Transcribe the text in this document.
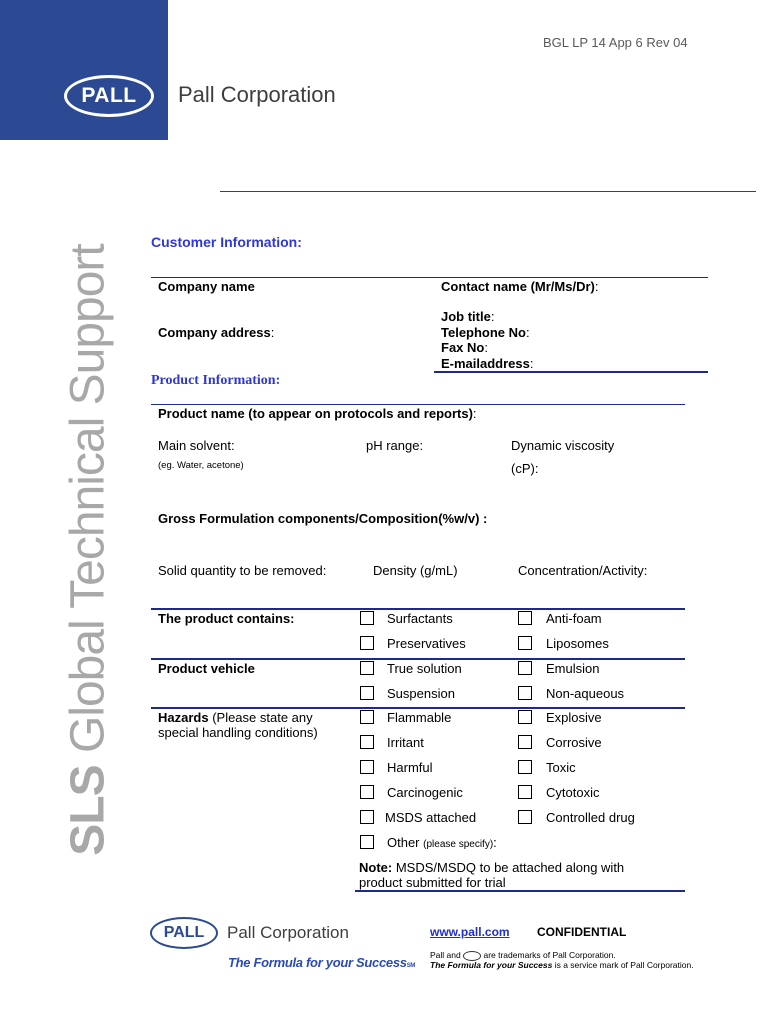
PALL Pall Corporation
BGL LP 14 App 6 Rev 04
SLS Global Technical Support
Customer Information:
Company name	Contact name (Mr/Ms/Dr):
Company address:
Job title:
Telephone No:
Fax No:
E-mailaddress:
Product Information:
Product name (to appear on protocols and reports):
Main solvent:
(eg. Water, acetone)
pH range:	Dynamic viscosity
(cP):
Gross Formulation components/Composition(%w/v) :
Solid quantity to be removed:	Density (g/mL)	Concentration/Activity:
The product contains:	Surfactants	Anti-foam
Preservatives	Liposomes
Product vehicle	True solution	Emulsion
Suspension	Non-aqueous
Hazards (Please state any
special handling conditions)
Flammable	Explosive
Irritant	Corrosive
Harmful	Toxic
Carcinogenic	Cytotoxic
MSDS attached	Controlled drug
Other (please specify):
Note: MSDS/MSDQ to be attached along with
product submitted for trial
PALL Pall Corporation
The Formula for your SuccessSM
www.pall.com CONFIDENTIAL
Pall and	are trademarks of Pall Corporation.
The Formula for your Success is a service mark of Pall Corporation.
